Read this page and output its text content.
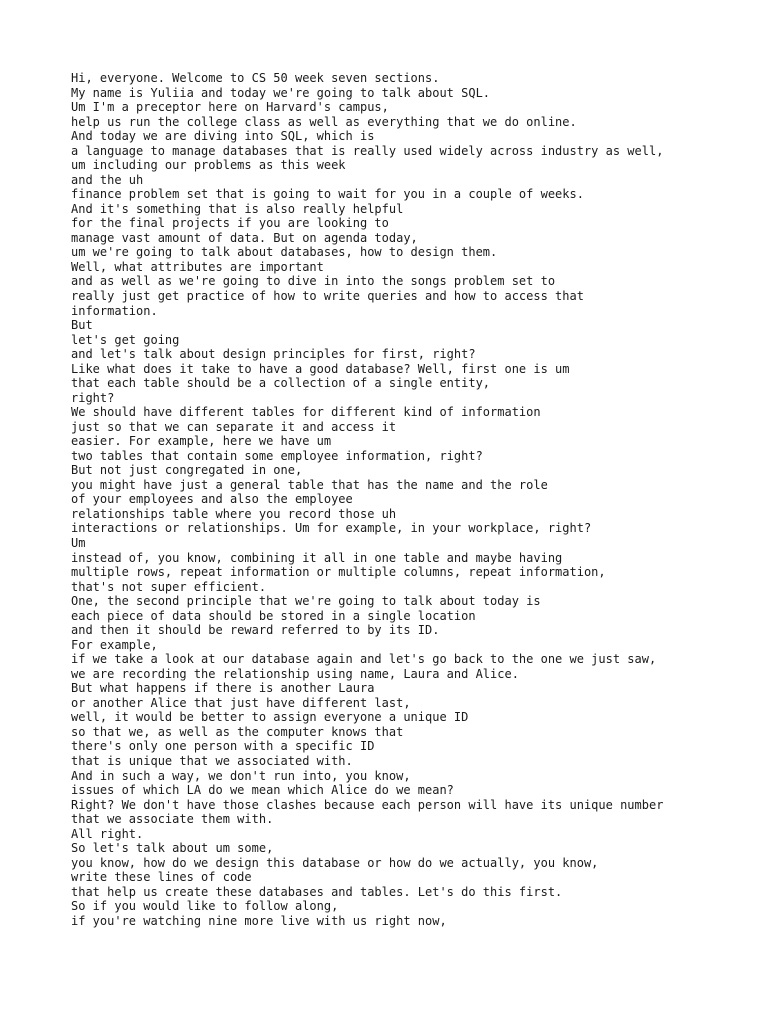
Hi, everyone. Welcome to CS 50 week seven sections.
My name is Yuliia and today we're going to talk about SQL.
Um I'm a preceptor here on Harvard's campus,
help us run the college class as well as everything that we do online.
And today we are diving into SQL, which is
a language to manage databases that is really used widely across industry as well,
um including our problems as this week
and the uh
finance problem set that is going to wait for you in a couple of weeks.
And it's something that is also really helpful
for the final projects if you are looking to
manage vast amount of data. But on agenda today,
um we're going to talk about databases, how to design them.
Well, what attributes are important
and as well as we're going to dive in into the songs problem set to
really just get practice of how to write queries and how to access that
information.
But
let's get going
and let's talk about design principles for first, right?
Like what does it take to have a good database? Well, first one is um
that each table should be a collection of a single entity,
right?
We should have different tables for different kind of information
just so that we can separate it and access it
easier. For example, here we have um
two tables that contain some employee information, right?
But not just congregated in one,
you might have just a general table that has the name and the role
of your employees and also the employee
relationships table where you record those uh
interactions or relationships. Um for example, in your workplace, right?
Um
instead of, you know, combining it all in one table and maybe having
multiple rows, repeat information or multiple columns, repeat information,
that's not super efficient.
One, the second principle that we're going to talk about today is
each piece of data should be stored in a single location
and then it should be reward referred to by its ID.
For example,
if we take a look at our database again and let's go back to the one we just saw,
we are recording the relationship using name, Laura and Alice.
But what happens if there is another Laura
or another Alice that just have different last,
well, it would be better to assign everyone a unique ID
so that we, as well as the computer knows that
there's only one person with a specific ID
that is unique that we associated with.
And in such a way, we don't run into, you know,
issues of which LA do we mean which Alice do we mean?
Right? We don't have those clashes because each person will have its unique number
that we associate them with.
All right.
So let's talk about um some,
you know, how do we design this database or how do we actually, you know,
write these lines of code
that help us create these databases and tables. Let's do this first.
So if you would like to follow along,
if you're watching nine more live with us right now,
